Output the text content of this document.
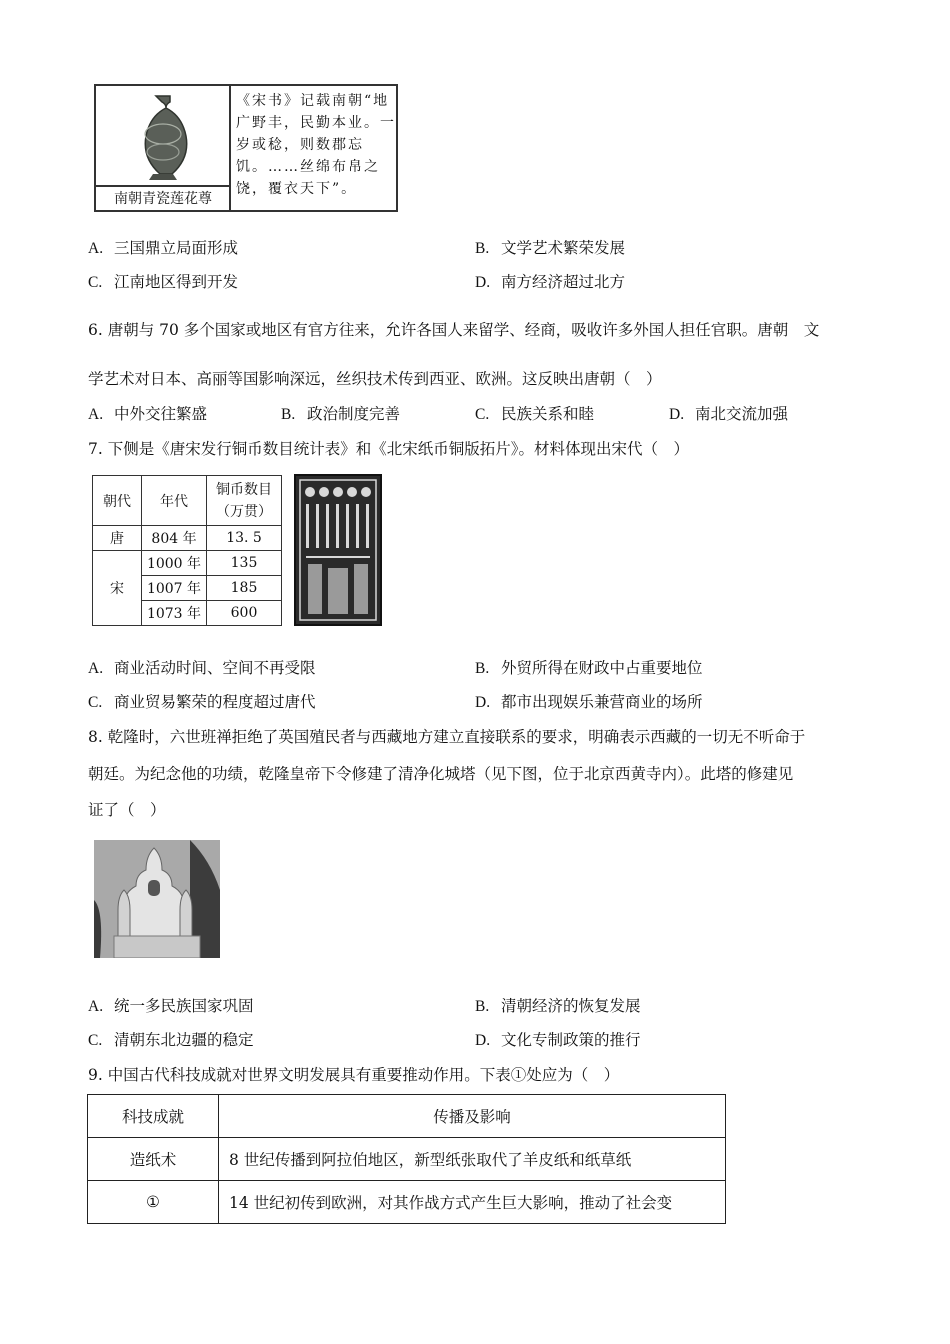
南朝青瓷莲花尊
《宋书》记载南朝“地广野丰，民勤本业。一岁或稔，则数郡忘饥。……丝绵布帛之饶，覆衣天下”。
A. 三国鼎立局面形成	B. 文学艺术繁荣发展
C. 江南地区得到开发	D. 南方经济超过北方
6. 唐朝与 70 多个国家或地区有官方往来，允许各国人来留学、经商，吸收许多外国人担任官职。唐朝　文
学艺术对日本、高丽等国影响深远，丝织技术传到西亚、欧洲。这反映出唐朝（　）
A. 中外交往繁盛	B. 政治制度完善	C. 民族关系和睦	D. 南北交流加强
7. 下侧是《唐宋发行铜币数目统计表》和《北宋纸币铜版拓片》。材料体现出宋代（　）
朝代	年代	铜币数目
（万贯）

唐	804 年	13. 5
宋	1000 年	135
	1007 年	185
	1073 年	600
A. 商业活动时间、空间不再受限	B. 外贸所得在财政中占重要地位
C. 商业贸易繁荣的程度超过唐代	D. 都市出现娱乐兼营商业的场所
8. 乾隆时，六世班禅拒绝了英国殖民者与西藏地方建立直接联系的要求，明确表示西藏的一切无不听命于
朝廷。为纪念他的功绩，乾隆皇帝下令修建了清净化城塔（见下图，位于北京西黄寺内）。此塔的修建见
证了（　）
A. 统一多民族国家巩固	B. 清朝经济的恢复发展
C. 清朝东北边疆的稳定	D. 文化专制政策的推行
9. 中国古代科技成就对世界文明发展具有重要推动作用。下表①处应为（　）
科技成就	传播及影响
造纸术	8 世纪传播到阿拉伯地区，新型纸张取代了羊皮纸和纸草纸
①	14 世纪初传到欧洲，对其作战方式产生巨大影响，推动了社会变
